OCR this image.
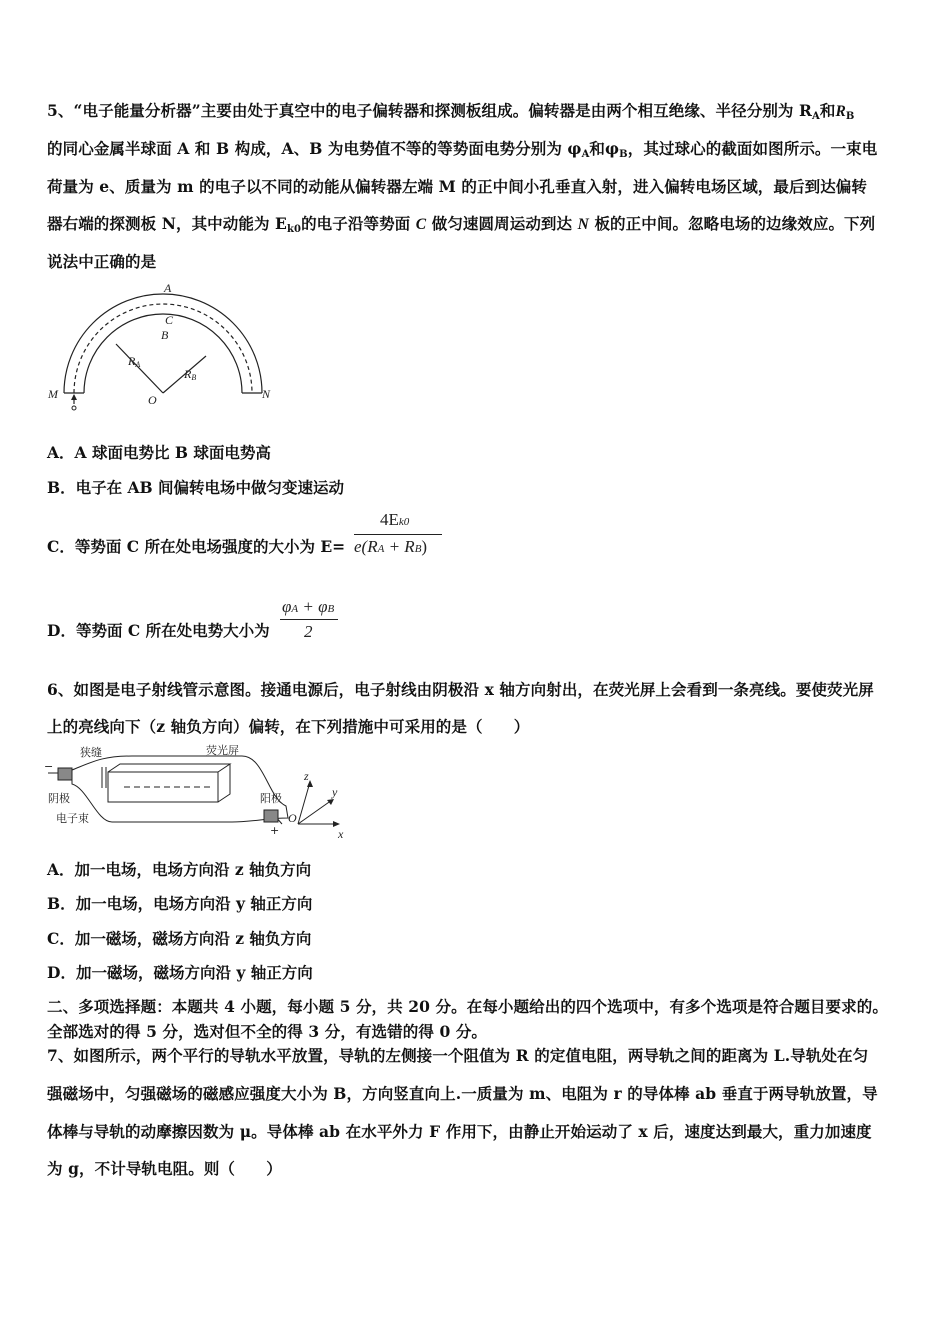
5、“电子能量分析器”主要由处于真空中的电子偏转器和探测板组成。偏转器是由两个相互绝缘、半径分别为 $R_A$和$R_B$
的同心金属半球面 A 和 B 构成，A、B 为电势值不等的等势面电势分别为 $\varphi_A$和$\varphi_B$，其过球心的截面如图所示。一束电
荷量为 e、质量为 m 的电子以不同的动能从偏转器左端 M 的正中间小孔垂直入射，进入偏转电场区域，最后到达偏转
器右端的探测板 N，其中动能为 $E_{k0}$的电子沿等势面 C 做匀速圆周运动到达 N 板的正中间。忽略电场的边缘效应。下列
说法中正确的是
A
C
B
M	N
O
RA
RB
A．A 球面电势比 B 球面电势高
B．电子在 AB 间偏转电场中做匀变速运动
C．等势面 C 所在处电场强度的大小为 E=
4Ek0
e(RA + RB)
D．等势面 C 所在处电势大小为
φA + φB
2
6、如图是电子射线管示意图。接通电源后，电子射线由阴极沿 x 轴方向射出，在荧光屏上会看到一条亮线。要使荧光屏
上的亮线向下（z 轴负方向）偏转，在下列措施中可采用的是（　　）
狭缝	荧光屏
阴极
电子束
阳极
−
+
z
y
x
O
A．加一电场，电场方向沿 z 轴负方向
B．加一电场，电场方向沿 y 轴正方向
C．加一磁场，磁场方向沿 z 轴负方向
D．加一磁场，磁场方向沿 y 轴正方向
二、多项选择题：本题共 4 小题，每小题 5 分，共 20 分。在每小题给出的四个选项中，有多个选项是符合题目要求的。
全部选对的得 5 分，选对但不全的得 3 分，有选错的得 0 分。
7、如图所示，两个平行的导轨水平放置，导轨的左侧接一个阻值为 R 的定值电阻，两导轨之间的距离为 L.导轨处在匀
强磁场中，匀强磁场的磁感应强度大小为 B，方向竖直向上.一质量为 m、电阻为 r 的导体棒 ab 垂直于两导轨放置，导
体棒与导轨的动摩擦因数为 μ。导体棒 ab 在水平外力 F 作用下，由静止开始运动了 x 后，速度达到最大，重力加速度
为 g，不计导轨电阻。则（　　）
